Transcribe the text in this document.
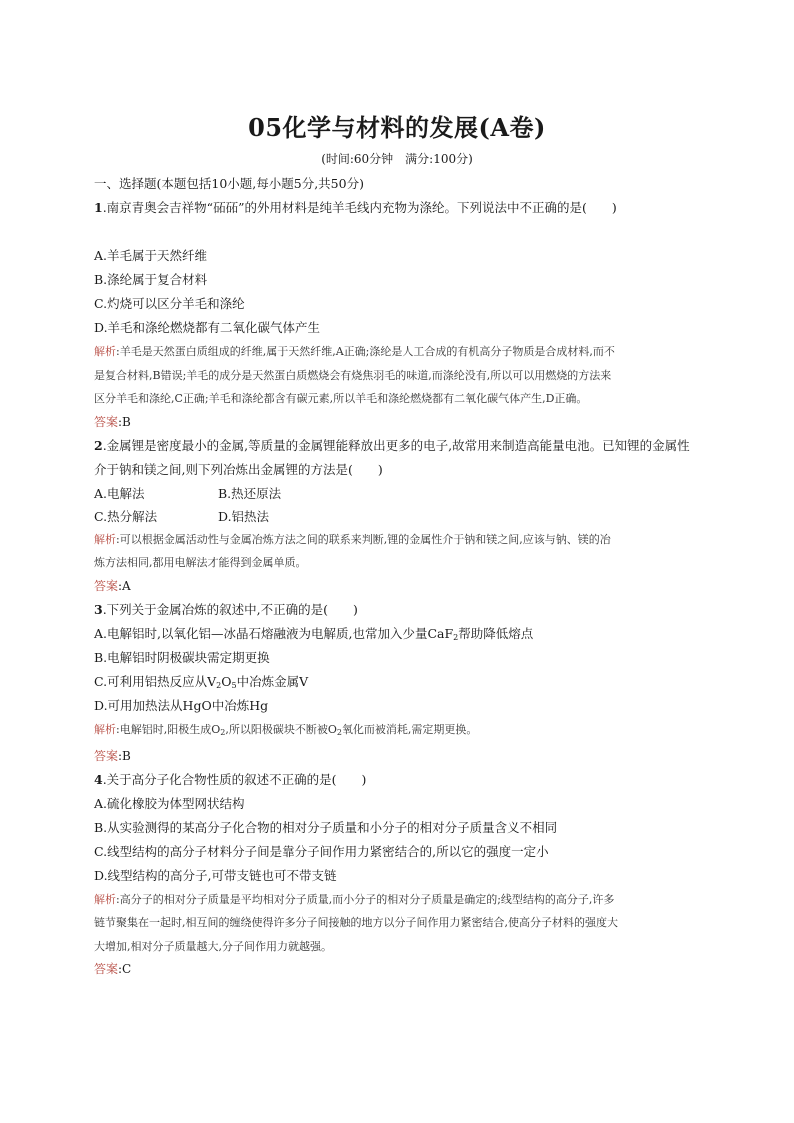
05化学与材料的发展(A卷)
(时间:60分钟　满分:100分)
一、选择题(本题包括10小题,每小题5分,共50分)
1.南京青奥会吉祥物“砳砳”的外用材料是纯羊毛线内充物为涤纶。下列说法中不正确的是(　　)
A.羊毛属于天然纤维
B.涤纶属于复合材料
C.灼烧可以区分羊毛和涤纶
D.羊毛和涤纶燃烧都有二氧化碳气体产生
解析:羊毛是天然蛋白质组成的纤维,属于天然纤维,A正确;涤纶是人工合成的有机高分子物质是合成材料,而不
是复合材料,B错误;羊毛的成分是天然蛋白质燃烧会有烧焦羽毛的味道,而涤纶没有,所以可以用燃烧的方法来
区分羊毛和涤纶,C正确;羊毛和涤纶都含有碳元素,所以羊毛和涤纶燃烧都有二氧化碳气体产生,D正确。
答案:B
2.金属锂是密度最小的金属,等质量的金属锂能释放出更多的电子,故常用来制造高能量电池。已知锂的金属性
介于钠和镁之间,则下列冶炼出金属锂的方法是(　　)
A.电解法	B.热还原法
C.热分解法	D.铝热法
解析:可以根据金属活动性与金属冶炼方法之间的联系来判断,锂的金属性介于钠和镁之间,应该与钠、镁的冶
炼方法相同,都用电解法才能得到金属单质。
答案:A
3.下列关于金属冶炼的叙述中,不正确的是(　　)
A.电解铝时,以氧化铝—冰晶石熔融液为电解质,也常加入少量CaF$_2$帮助降低熔点
B.电解铝时阴极碳块需定期更换
C.可利用铝热反应从$V_2O_5$中冶炼金属V
D.可用加热法从HgO中冶炼Hg
解析:电解铝时,阳极生成$O_2$,所以阳极碳块不断被$O_2$氧化而被消耗,需定期更换。
答案:B
4.关于高分子化合物性质的叙述不正确的是(　　)
A.硫化橡胶为体型网状结构
B.从实验测得的某高分子化合物的相对分子质量和小分子的相对分子质量含义不相同
C.线型结构的高分子材料分子间是靠分子间作用力紧密结合的,所以它的强度一定小
D.线型结构的高分子,可带支链也可不带支链
解析:高分子的相对分子质量是平均相对分子质量,而小分子的相对分子质量是确定的;线型结构的高分子,许多
链节聚集在一起时,相互间的缠绕使得许多分子间接触的地方以分子间作用力紧密结合,使高分子材料的强度大
大增加,相对分子质量越大,分子间作用力就越强。
答案:C
